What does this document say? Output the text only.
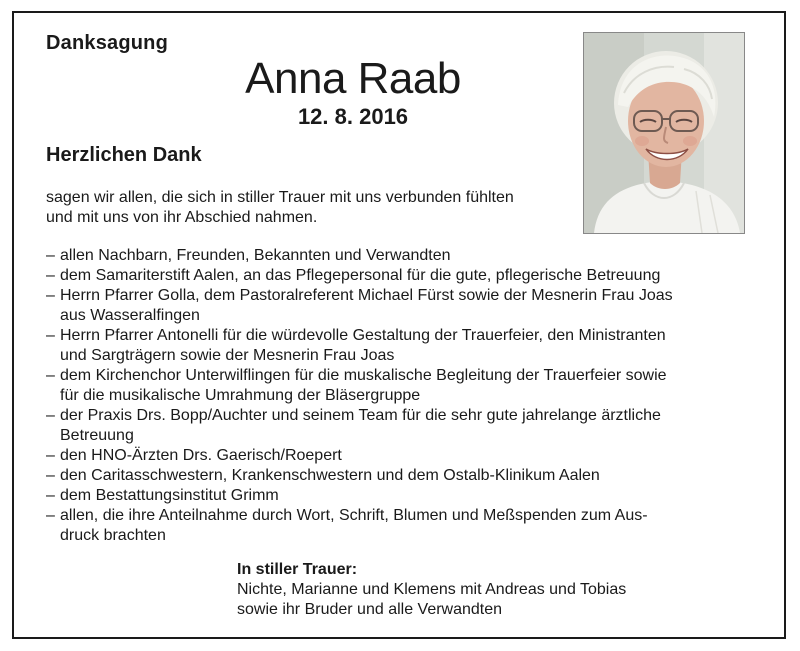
Danksagung
Anna Raab
12. 8. 2016
Herzlichen Dank
sagen wir allen, die sich in stiller Trauer mit uns verbunden fühlten
und mit uns von ihr Abschied nahmen.
– allen Nachbarn, Freunden, Bekannten und Verwandten
– dem Samariterstift Aalen, an das Pflegepersonal für die gute, pflegerische Betreuung
– Herrn Pfarrer Golla, dem Pastoralreferent Michael Fürst sowie der Mesnerin Frau Joas
aus Wasseralfingen
– Herrn Pfarrer Antonelli für die würdevolle Gestaltung der Trauerfeier, den Ministranten
und Sargträgern sowie der Mesnerin Frau Joas
– dem Kirchenchor Unterwilflingen für die muskalische Begleitung der Trauerfeier sowie
für die musikalische Umrahmung der Bläsergruppe
– der Praxis Drs. Bopp/Auchter und seinem Team für die sehr gute jahrelange ärztliche
Betreuung
– den HNO-Ärzten Drs. Gaerisch/Roepert
– den Caritasschwestern, Krankenschwestern und dem Ostalb-Klinikum Aalen
– dem Bestattungsinstitut Grimm
– allen, die ihre Anteilnahme durch Wort, Schrift, Blumen und Meßspenden zum Aus-
druck brachten
In stiller Trauer:
Nichte, Marianne und Klemens mit Andreas und Tobias
sowie ihr Bruder und alle Verwandten
